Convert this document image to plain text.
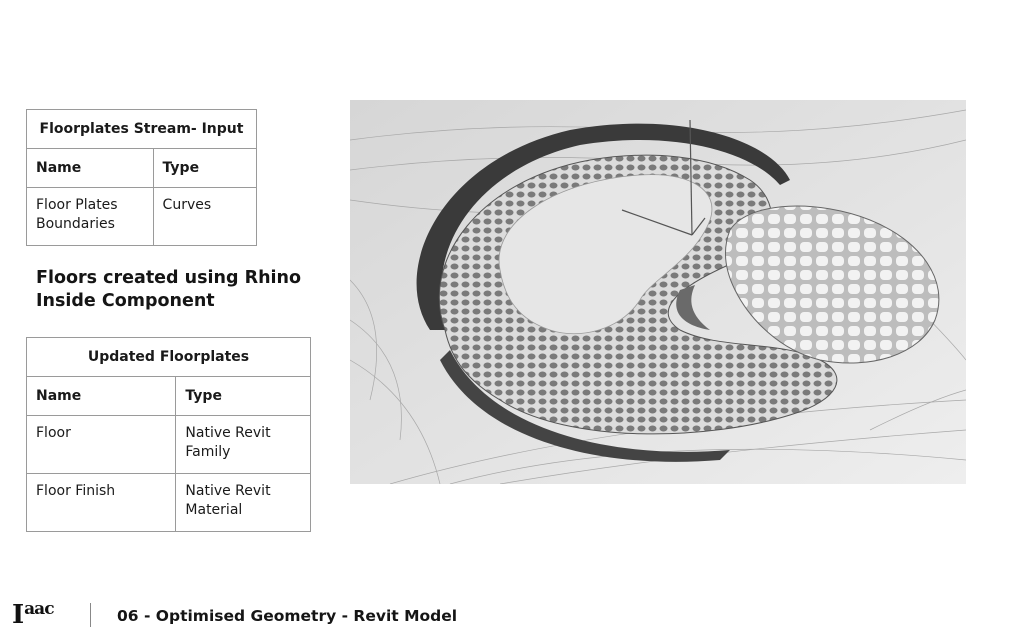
Floorplates Stream- Input	
Name	Type
Floor Plates Boundaries	Curves
Floors created using Rhino Inside Component
Updated Floorplates	
Name	Type
Floor	Native Revit Family
Floor Finish	Native Revit Material
I aac	06 - Optimised Geometry - Revit Model
